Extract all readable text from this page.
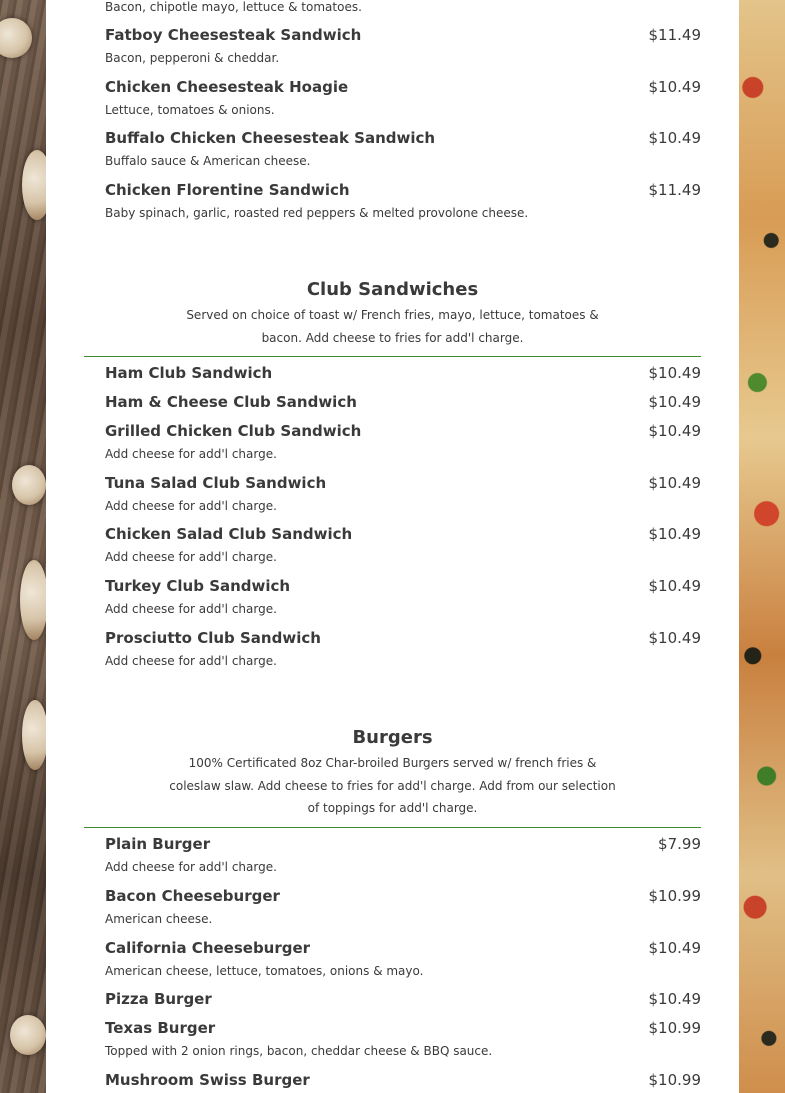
Bacon, chipotle mayo, lettuce & tomatoes.
Fatboy Cheesesteak Sandwich	$11.49
Bacon, pepperoni & cheddar.
Chicken Cheesesteak Hoagie	$10.49
Lettuce, tomatoes & onions.
Buffalo Chicken Cheesesteak Sandwich	$10.49
Buffalo sauce & American cheese.
Chicken Florentine Sandwich	$11.49
Baby spinach, garlic, roasted red peppers & melted provolone cheese.
Club Sandwiches
Served on choice of toast w/ French fries, mayo, lettuce, tomatoes & bacon. Add cheese to fries for add'l charge.
Ham Club Sandwich	$10.49
Ham & Cheese Club Sandwich	$10.49
Grilled Chicken Club Sandwich	$10.49
Add cheese for add'l charge.
Tuna Salad Club Sandwich	$10.49
Add cheese for add'l charge.
Chicken Salad Club Sandwich	$10.49
Add cheese for add'l charge.
Turkey Club Sandwich	$10.49
Add cheese for add'l charge.
Prosciutto Club Sandwich	$10.49
Add cheese for add'l charge.
Burgers
100% Certificated 8oz Char-broiled Burgers served w/ french fries & coleslaw slaw. Add cheese to fries for add'l charge. Add from our selection of toppings for add'l charge.
Plain Burger	$7.99
Add cheese for add'l charge.
Bacon Cheeseburger	$10.99
American cheese.
California Cheeseburger	$10.49
American cheese, lettuce, tomatoes, onions & mayo.
Pizza Burger	$10.49
Texas Burger	$10.99
Topped with 2 onion rings, bacon, cheddar cheese & BBQ sauce.
Mushroom Swiss Burger	$10.99
